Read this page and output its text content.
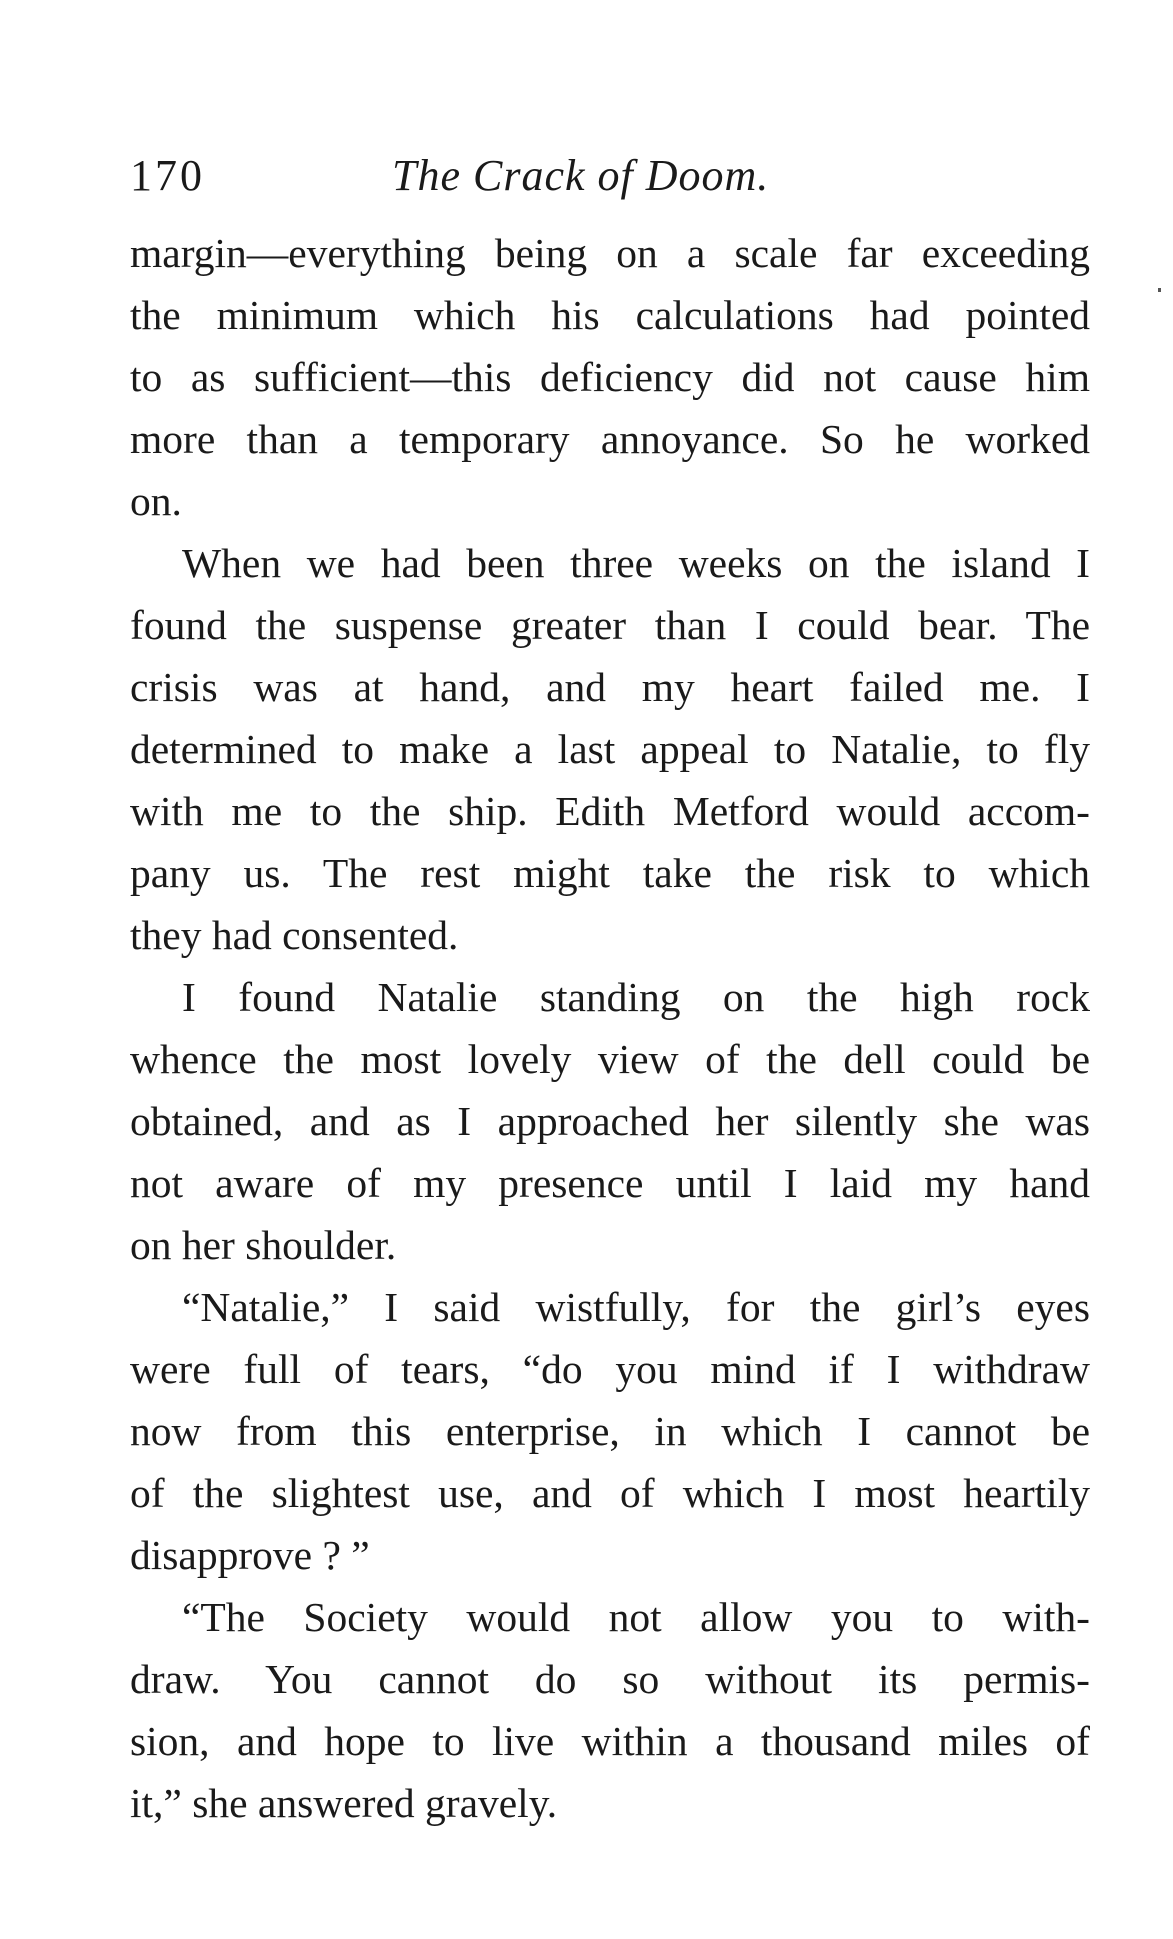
170	The Crack of Doom.
margin—everything being on a scale far exceeding
the minimum which his calculations had pointed
to as sufficient—this deficiency did not cause him
more than a temporary annoyance. So he worked
on.
When we had been three weeks on the island I
found the suspense greater than I could bear. The
crisis was at hand, and my heart failed me. I
determined to make a last appeal to Natalie, to fly
with me to the ship. Edith Metford would accom-
pany us. The rest might take the risk to which
they had consented.
I found Natalie standing on the high rock
whence the most lovely view of the dell could be
obtained, and as I approached her silently she was
not aware of my presence until I laid my hand
on her shoulder.
“Natalie,” I said wistfully, for the girl’s eyes
were full of tears, “do you mind if I withdraw
now from this enterprise, in which I cannot be
of the slightest use, and of which I most heartily
disapprove ? ”
“The Society would not allow you to with-
draw. You cannot do so without its permis-
sion, and hope to live within a thousand miles of
it,” she answered gravely.
